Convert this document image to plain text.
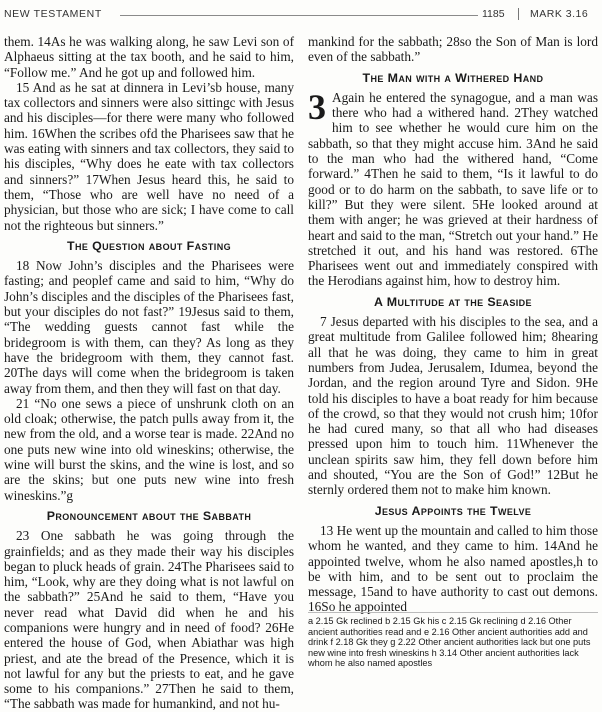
NEW TESTAMENT	1185 MARK 3.16

them. 14As he was walking along, he saw Levi son of Alphaeus sitting at the tax booth, and he said to him, “Follow me.” And he got up and followed him.

15 And as he sat at dinnera in Levi’sb house, many tax collectors and sinners were also sittingc with Jesus and his disciples—for there were many who followed him. 16When the scribes ofd the Pharisees saw that he was eating with sinners and tax collectors, they said to his disciples, “Why does he eate with tax collectors and sinners?” 17When Jesus heard this, he said to them, “Those who are well have no need of a physician, but those who are sick; I have come to call not the righteous but sinners.”

The Question about Fasting

18 Now John’s disciples and the Pharisees were fasting; and peoplef came and said to him, “Why do John’s disciples and the disciples of the Pharisees fast, but your disciples do not fast?” 19Jesus said to them, “The wedding guests cannot fast while the bridegroom is with them, can they? As long as they have the bridegroom with them, they cannot fast. 20The days will come when the bridegroom is taken away from them, and then they will fast on that day.

21 “No one sews a piece of unshrunk cloth on an old cloak; otherwise, the patch pulls away from it, the new from the old, and a worse tear is made. 22And no one puts new wine into old wineskins; otherwise, the wine will burst the skins, and the wine is lost, and so are the skins; but one puts new wine into fresh wineskins.”g

Pronouncement about the Sabbath

23 One sabbath he was going through the grainfields; and as they made their way his disciples began to pluck heads of grain. 24The Pharisees said to him, “Look, why are they doing what is not lawful on the sabbath?” 25And he said to them, “Have you never read what David did when he and his companions were hungry and in need of food? 26He entered the house of God, when Abiathar was high priest, and ate the bread of the Presence, which it is not lawful for any but the priests to eat, and he gave some to his companions.” 27Then he said to them, “The sabbath was made for humankind, and not hu-

mankind for the sabbath; 28so the Son of Man is lord even of the sabbath.”

The Man with a Withered Hand

3 Again he entered the synagogue, and a man was there who had a withered hand. 2They watched him to see whether he would cure him on the sabbath, so that they might accuse him. 3And he said to the man who had the withered hand, “Come forward.” 4Then he said to them, “Is it lawful to do good or to do harm on the sabbath, to save life or to kill?” But they were silent. 5He looked around at them with anger; he was grieved at their hardness of heart and said to the man, “Stretch out your hand.” He stretched it out, and his hand was restored. 6The Pharisees went out and immediately conspired with the Herodians against him, how to destroy him.

A Multitude at the Seaside

7 Jesus departed with his disciples to the sea, and a great multitude from Galilee followed him; 8hearing all that he was doing, they came to him in great numbers from Judea, Jerusalem, Idumea, beyond the Jordan, and the region around Tyre and Sidon. 9He told his disciples to have a boat ready for him because of the crowd, so that they would not crush him; 10for he had cured many, so that all who had diseases pressed upon him to touch him. 11Whenever the unclean spirits saw him, they fell down before him and shouted, “You are the Son of God!” 12But he sternly ordered them not to make him known.

Jesus Appoints the Twelve

13 He went up the mountain and called to him those whom he wanted, and they came to him. 14And he appointed twelve, whom he also named apostles,h to be with him, and to be sent out to proclaim the message, 15and to have authority to cast out demons. 16So he appointed

a 2.15 Gk reclined b 2.15 Gk his c 2.15 Gk reclining d 2.16 Other ancient authorities read and e 2.16 Other ancient authorities add and drink f 2.18 Gk they g 2.22 Other ancient authorities lack but one puts new wine into fresh wineskins h 3.14 Other ancient authorities lack whom he also named apostles
